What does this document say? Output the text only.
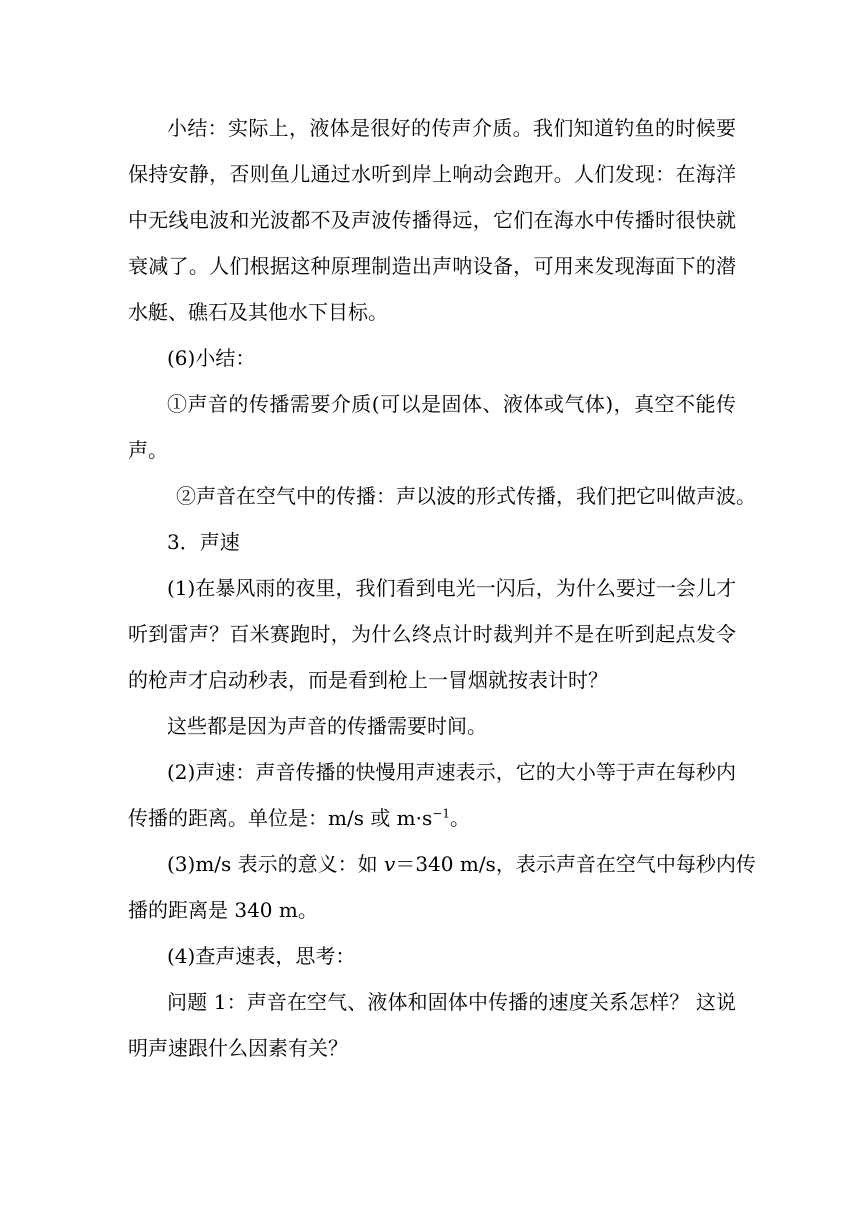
小结：实际上，液体是很好的传声介质。我们知道钓鱼的时候要

保持安静，否则鱼儿通过水听到岸上响动会跑开。人们发现：在海洋

中无线电波和光波都不及声波传播得远，它们在海水中传播时很快就

衰减了。人们根据这种原理制造出声呐设备，可用来发现海面下的潜

水艇、礁石及其他水下目标。

(6)小结：

①声音的传播需要介质(可以是固体、液体或气体)，真空不能传

声。

②声音在空气中的传播：声以波的形式传播，我们把它叫做声波。

3．声速

(1)在暴风雨的夜里，我们看到电光一闪后，为什么要过一会儿才

听到雷声？百米赛跑时，为什么终点计时裁判并不是在听到起点发令

的枪声才启动秒表，而是看到枪上一冒烟就按表计时？

这些都是因为声音的传播需要时间。

(2)声速：声音传播的快慢用声速表示，它的大小等于声在每秒内

传播的距离。单位是：m/s 或 $m\cdot s^{-1}$。

(3)m/s 表示的意义：如 v＝340 m/s，表示声音在空气中每秒内传

播的距离是 340 m。

(4)查声速表，思考：

问题 1：声音在空气、液体和固体中传播的速度关系怎样？ 这说

明声速跟什么因素有关？
